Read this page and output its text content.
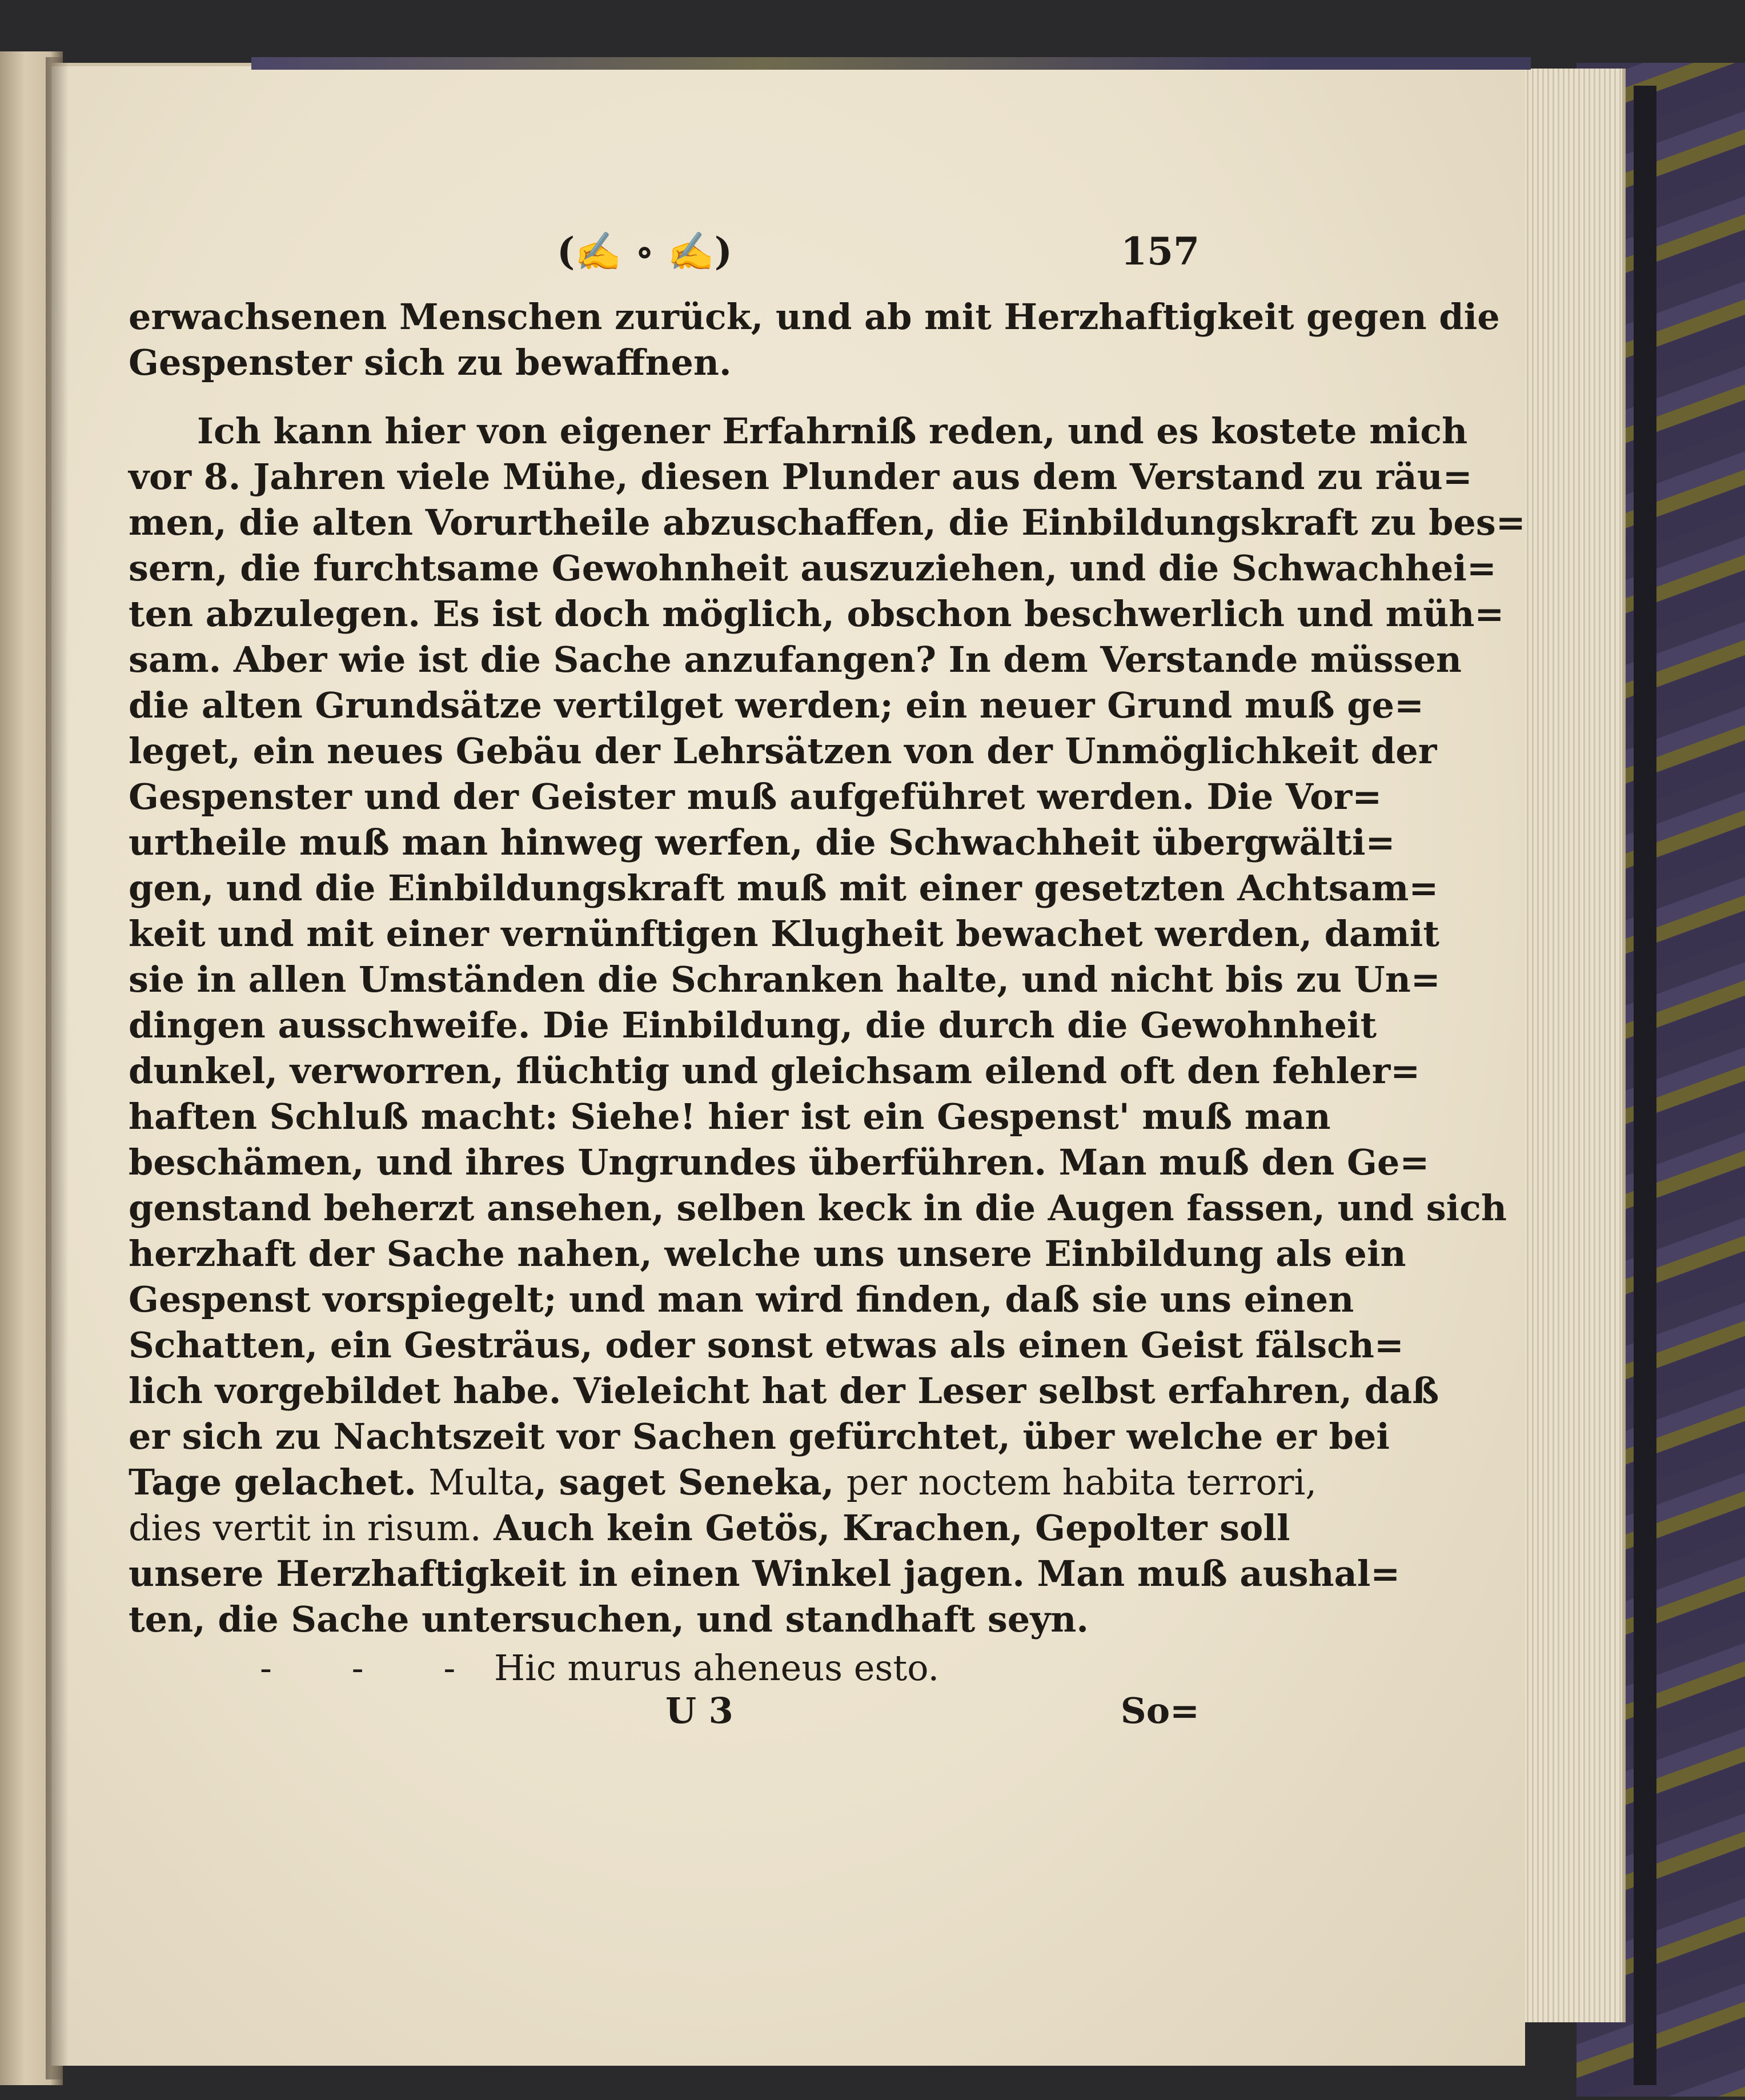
(✍ ∘ ✍)	157
erwachsenen Menschen zurück, und ab mit Herzhaftigkeit gegen die
Gespenster sich zu bewaffnen.
Ich kann hier von eigener Erfahrniß reden, und es kostete mich
vor 8. Jahren viele Mühe, diesen Plunder aus dem Verstand zu räu=
men, die alten Vorurtheile abzuschaffen, die Einbildungskraft zu bes=
sern, die furchtsame Gewohnheit auszuziehen, und die Schwachhei=
ten abzulegen. Es ist doch möglich, obschon beschwerlich und müh=
sam. Aber wie ist die Sache anzufangen? In dem Verstande müssen
die alten Grundsätze vertilget werden; ein neuer Grund muß ge=
leget, ein neues Gebäu der Lehrsätzen von der Unmöglichkeit der
Gespenster und der Geister muß aufgeführet werden. Die Vor=
urtheile muß man hinweg werfen, die Schwachheit übergwälti=
gen, und die Einbildungskraft muß mit einer gesetzten Achtsam=
keit und mit einer vernünftigen Klugheit bewachet werden, damit
sie in allen Umständen die Schranken halte, und nicht bis zu Un=
dingen ausschweife. Die Einbildung, die durch die Gewohnheit
dunkel, verworren, flüchtig und gleichsam eilend oft den fehler=
haften Schluß macht: Siehe! hier ist ein Gespenst' muß man
beschämen, und ihres Ungrundes überführen. Man muß den Ge=
genstand beherzt ansehen, selben keck in die Augen fassen, und sich
herzhaft der Sache nahen, welche uns unsere Einbildung als ein
Gespenst vorspiegelt; und man wird finden, daß sie uns einen
Schatten, ein Gesträus, oder sonst etwas als einen Geist fälsch=
lich vorgebildet habe. Vieleicht hat der Leser selbst erfahren, daß
er sich zu Nachtszeit vor Sachen gefürchtet, über welche er bei
Tage gelachet. Multa, saget Seneka, per noctem habita terrori,
dies vertit in risum. Auch kein Getös, Krachen, Gepolter soll
unsere Herzhaftigkeit in einen Winkel jagen. Man muß aushal=
ten, die Sache untersuchen, und standhaft seyn.
- - - Hic murus aheneus esto.
U 3	So=
